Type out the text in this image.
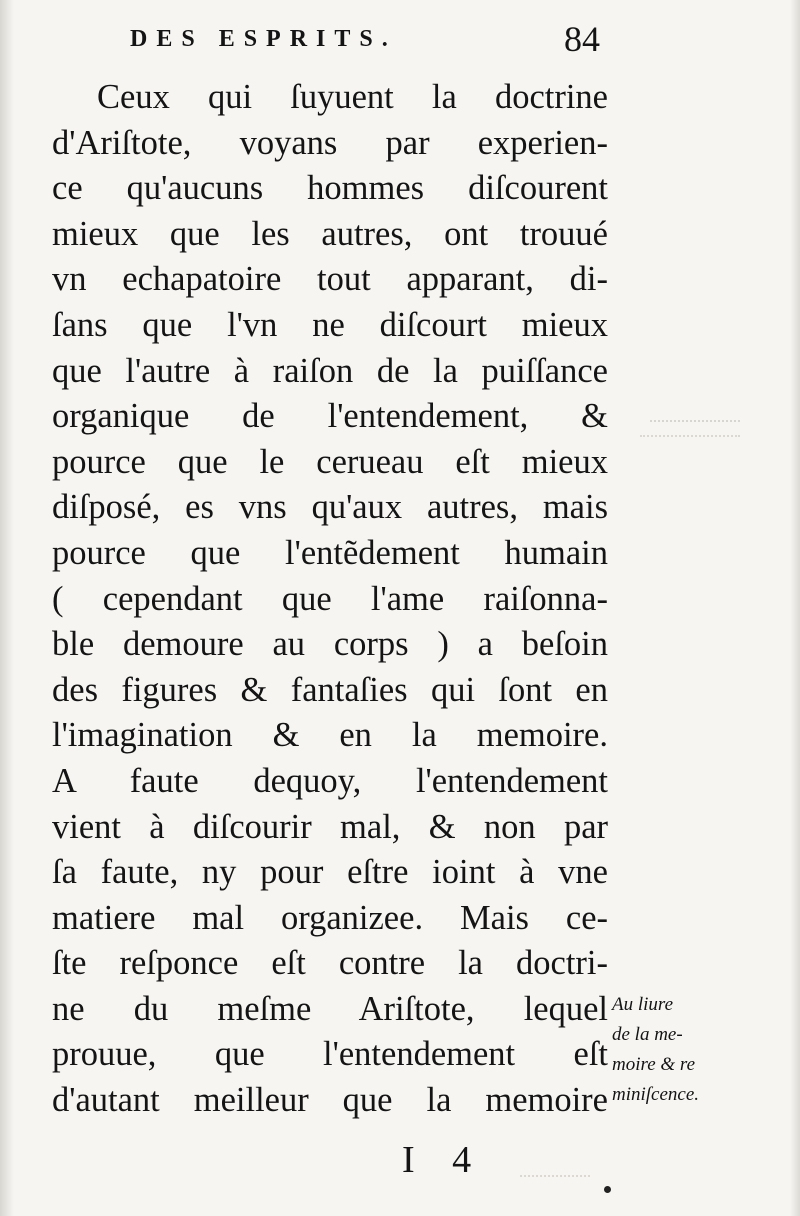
DES ESPRITS.	84
Ceux qui ſuyuent la doctrine
d'Ariſtote, voyans par experien-
ce qu'aucuns hommes diſcourent
mieux que les autres, ont trouué
vn echapatoire tout apparant, di-
ſans que l'vn ne diſcourt mieux
que l'autre à raiſon de la puiſſance
organique de l'entendement, &
pource que le cerueau eſt mieux
diſposé, es vns qu'aux autres, mais
pource que l'entẽdement humain
( cependant que l'ame raiſonna-
ble demoure au corps ) a beſoin
des figures & fantaſies qui ſont en
l'imagination & en la memoire.
A faute dequoy, l'entendement
vient à diſcourir mal, & non par
ſa faute, ny pour eſtre ioint à vne
matiere mal organizee. Mais ce-
ſte reſponce eſt contre la doctri-
ne du meſme Ariſtote, lequel
prouue, que l'entendement eſt
d'autant meilleur que la memoire
Au liure
de la me-
moire & re
miniſcence.
I 4
